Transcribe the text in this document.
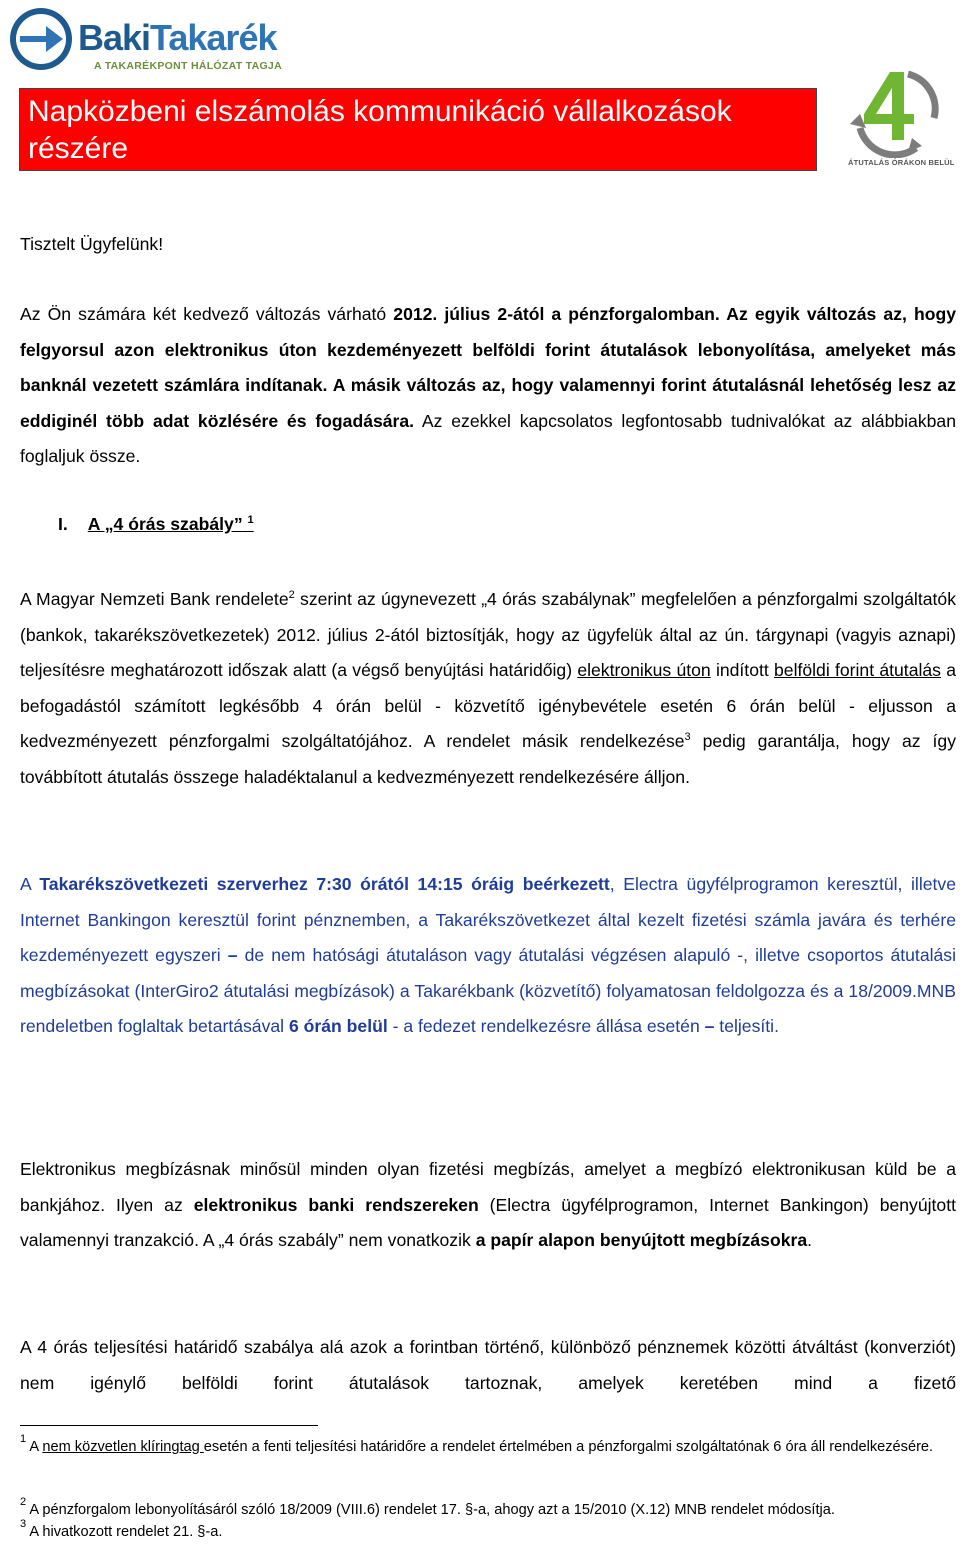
BakiTakarék
A TAKARÉKPONT HÁLÓZAT TAGJA
Napközbeni elszámolás kommunikáció vállalkozások részére	ÁTUTALÁS ÓRÁKON BELÜL

Tisztelt Ügyfelünk!

Az Ön számára két kedvező változás várható 2012. július 2-ától a pénzforgalomban. Az egyik változás az, hogy felgyorsul azon elektronikus úton kezdeményezett belföldi forint átutalások lebonyolítása, amelyeket más banknál vezetett számlára indítanak. A másik változás az, hogy valamennyi forint átutalásnál lehetőség lesz az eddiginél több adat közlésére és fogadására. Az ezekkel kapcsolatos legfontosabb tudnivalókat az alábbiakban foglaljuk össze.

I. A „4 órás szabály” $^1$

A Magyar Nemzeti Bank rendelete$^2$ szerint az úgynevezett „4 órás szabálynak” megfelelően a pénzforgalmi szolgáltatók (bankok, takarékszövetkezetek) 2012. július 2-ától biztosítják, hogy az ügyfelük által az ún. tárgynapi (vagyis aznapi) teljesítésre meghatározott időszak alatt (a végső benyújtási határidőig) elektronikus úton indított belföldi forint átutalás a befogadástól számított legkésőbb 4 órán belül - közvetítő igénybevétele esetén 6 órán belül - eljusson a kedvezményezett pénzforgalmi szolgáltatójához. A rendelet másik rendelkezése$^3$ pedig garantálja, hogy az így továbbított átutalás összege haladéktalanul a kedvezményezett rendelkezésére álljon.

A Takarékszövetkezeti szerverhez 7:30 órától 14:15 óráig beérkezett, Electra ügyfélprogramon keresztül, illetve Internet Bankingon keresztül forint pénznemben, a Takarékszövetkezet által kezelt fizetési számla javára és terhére kezdeményezett egyszeri – de nem hatósági átutaláson vagy átutalási végzésen alapuló -, illetve csoportos átutalási megbízásokat (InterGiro2 átutalási megbízások) a Takarékbank (közvetítő) folyamatosan feldolgozza és a 18/2009.MNB rendeletben foglaltak betartásával 6 órán belül - a fedezet rendelkezésre állása esetén – teljesíti.

Elektronikus megbízásnak minősül minden olyan fizetési megbízás, amelyet a megbízó elektronikusan küld be a bankjához. Ilyen az elektronikus banki rendszereken (Electra ügyfélprogramon, Internet Bankingon) benyújtott valamennyi tranzakció. A „4 órás szabály” nem vonatkozik a papír alapon benyújtott megbízásokra.

A 4 órás teljesítési határidő szabálya alá azok a forintban történő, különböző pénznemek közötti átváltást (konverziót) nem igénylő belföldi forint átutalások tartoznak, amelyek keretében mind a fizető

$^1$ A nem közvetlen klíringtag esetén a fenti teljesítési határidőre a rendelet értelmében a pénzforgalmi szolgáltatónak 6 óra áll rendelkezésére.

$^2$ A pénzforgalom lebonyolításáról szóló 18/2009 (VIII.6) rendelet 17. §-a, ahogy azt a 15/2010 (X.12) MNB rendelet módosítja.

$^3$ A hivatkozott rendelet 21. §-a.
